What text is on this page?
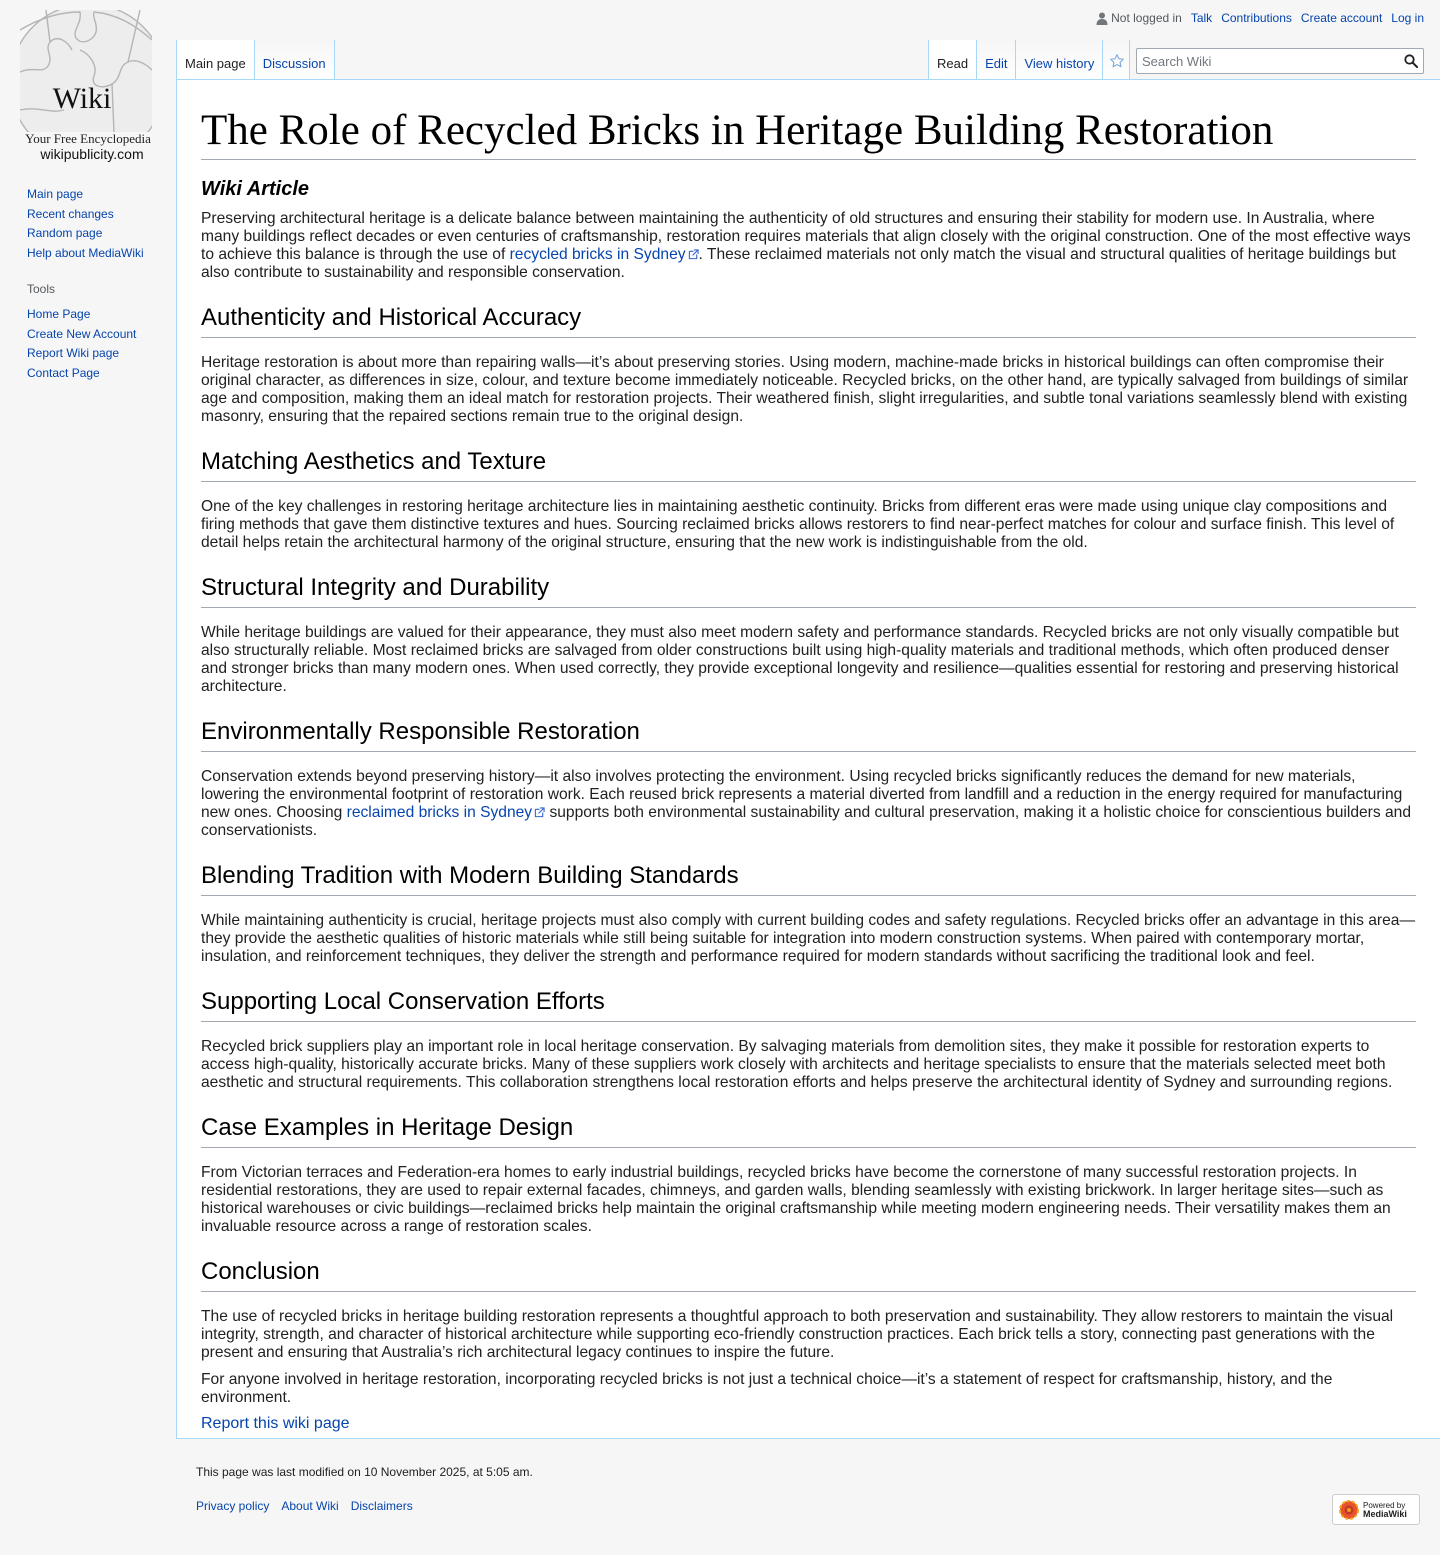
Wiki
Your Free Encyclopedia
wikipublicity.com
Main page
Recent changes
Random page
Help about MediaWiki
Tools
Home Page
Create New Account
Report Wiki page
Contact Page
Not logged in Talk Contributions Create account Log in
Main page	Discussion	Read	Edit	View history
Search Wiki
The Role of Recycled Bricks in Heritage Building Restoration
Wiki Article

Preserving architectural heritage is a delicate balance between maintaining the authenticity of old structures and ensuring their stability for modern use. In Australia, where many buildings reflect decades or even centuries of craftsmanship, restoration requires materials that align closely with the original construction. One of the most effective ways to achieve this balance is through the use of recycled bricks in Sydney . These reclaimed materials not only match the visual and structural qualities of heritage buildings but also contribute to sustainability and responsible conservation.

Authenticity and Historical Accuracy

Heritage restoration is about more than repairing walls—it’s about preserving stories. Using modern, machine-made bricks in historical buildings can often compromise their original character, as differences in size, colour, and texture become immediately noticeable. Recycled bricks, on the other hand, are typically salvaged from buildings of similar age and composition, making them an ideal match for restoration projects. Their weathered finish, slight irregularities, and subtle tonal variations seamlessly blend with existing masonry, ensuring that the repaired sections remain true to the original design.

Matching Aesthetics and Texture

One of the key challenges in restoring heritage architecture lies in maintaining aesthetic continuity. Bricks from different eras were made using unique clay compositions and firing methods that gave them distinctive textures and hues. Sourcing reclaimed bricks allows restorers to find near-perfect matches for colour and surface finish. This level of detail helps retain the architectural harmony of the original structure, ensuring that the new work is indistinguishable from the old.

Structural Integrity and Durability

While heritage buildings are valued for their appearance, they must also meet modern safety and performance standards. Recycled bricks are not only visually compatible but also structurally reliable. Most reclaimed bricks are salvaged from older constructions built using high-quality materials and traditional methods, which often produced denser and stronger bricks than many modern ones. When used correctly, they provide exceptional longevity and resilience—qualities essential for restoring and preserving historical architecture.

Environmentally Responsible Restoration

Conservation extends beyond preserving history—it also involves protecting the environment. Using recycled bricks significantly reduces the demand for new materials, lowering the environmental footprint of restoration work. Each reused brick represents a material diverted from landfill and a reduction in the energy required for manufacturing new ones. Choosing reclaimed bricks in Sydney supports both environmental sustainability and cultural preservation, making it a holistic choice for conscientious builders and conservationists.

Blending Tradition with Modern Building Standards

While maintaining authenticity is crucial, heritage projects must also comply with current building codes and safety regulations. Recycled bricks offer an advantage in this area—they provide the aesthetic qualities of historic materials while still being suitable for integration into modern construction systems. When paired with contemporary mortar, insulation, and reinforcement techniques, they deliver the strength and performance required for modern standards without sacrificing the traditional look and feel.

Supporting Local Conservation Efforts

Recycled brick suppliers play an important role in local heritage conservation. By salvaging materials from demolition sites, they make it possible for restoration experts to access high-quality, historically accurate bricks. Many of these suppliers work closely with architects and heritage specialists to ensure that the materials selected meet both aesthetic and structural requirements. This collaboration strengthens local restoration efforts and helps preserve the architectural identity of Sydney and surrounding regions.

Case Examples in Heritage Design

From Victorian terraces and Federation-era homes to early industrial buildings, recycled bricks have become the cornerstone of many successful restoration projects. In residential restorations, they are used to repair external facades, chimneys, and garden walls, blending seamlessly with existing brickwork. In larger heritage sites—such as historical warehouses or civic buildings—reclaimed bricks help maintain the original craftsmanship while meeting modern engineering needs. Their versatility makes them an invaluable resource across a range of restoration scales.

Conclusion

The use of recycled bricks in heritage building restoration represents a thoughtful approach to both preservation and sustainability. They allow restorers to maintain the visual integrity, strength, and character of historical architecture while supporting eco-friendly construction practices. Each brick tells a story, connecting past generations with the present and ensuring that Australia’s rich architectural legacy continues to inspire the future.

For anyone involved in heritage restoration, incorporating recycled bricks is not just a technical choice—it’s a statement of respect for craftsmanship, history, and the environment.

Report this wiki page
This page was last modified on 10 November 2025, at 5:05 am.
Privacy policy About Wiki Disclaimers	Powered by
MediaWiki
